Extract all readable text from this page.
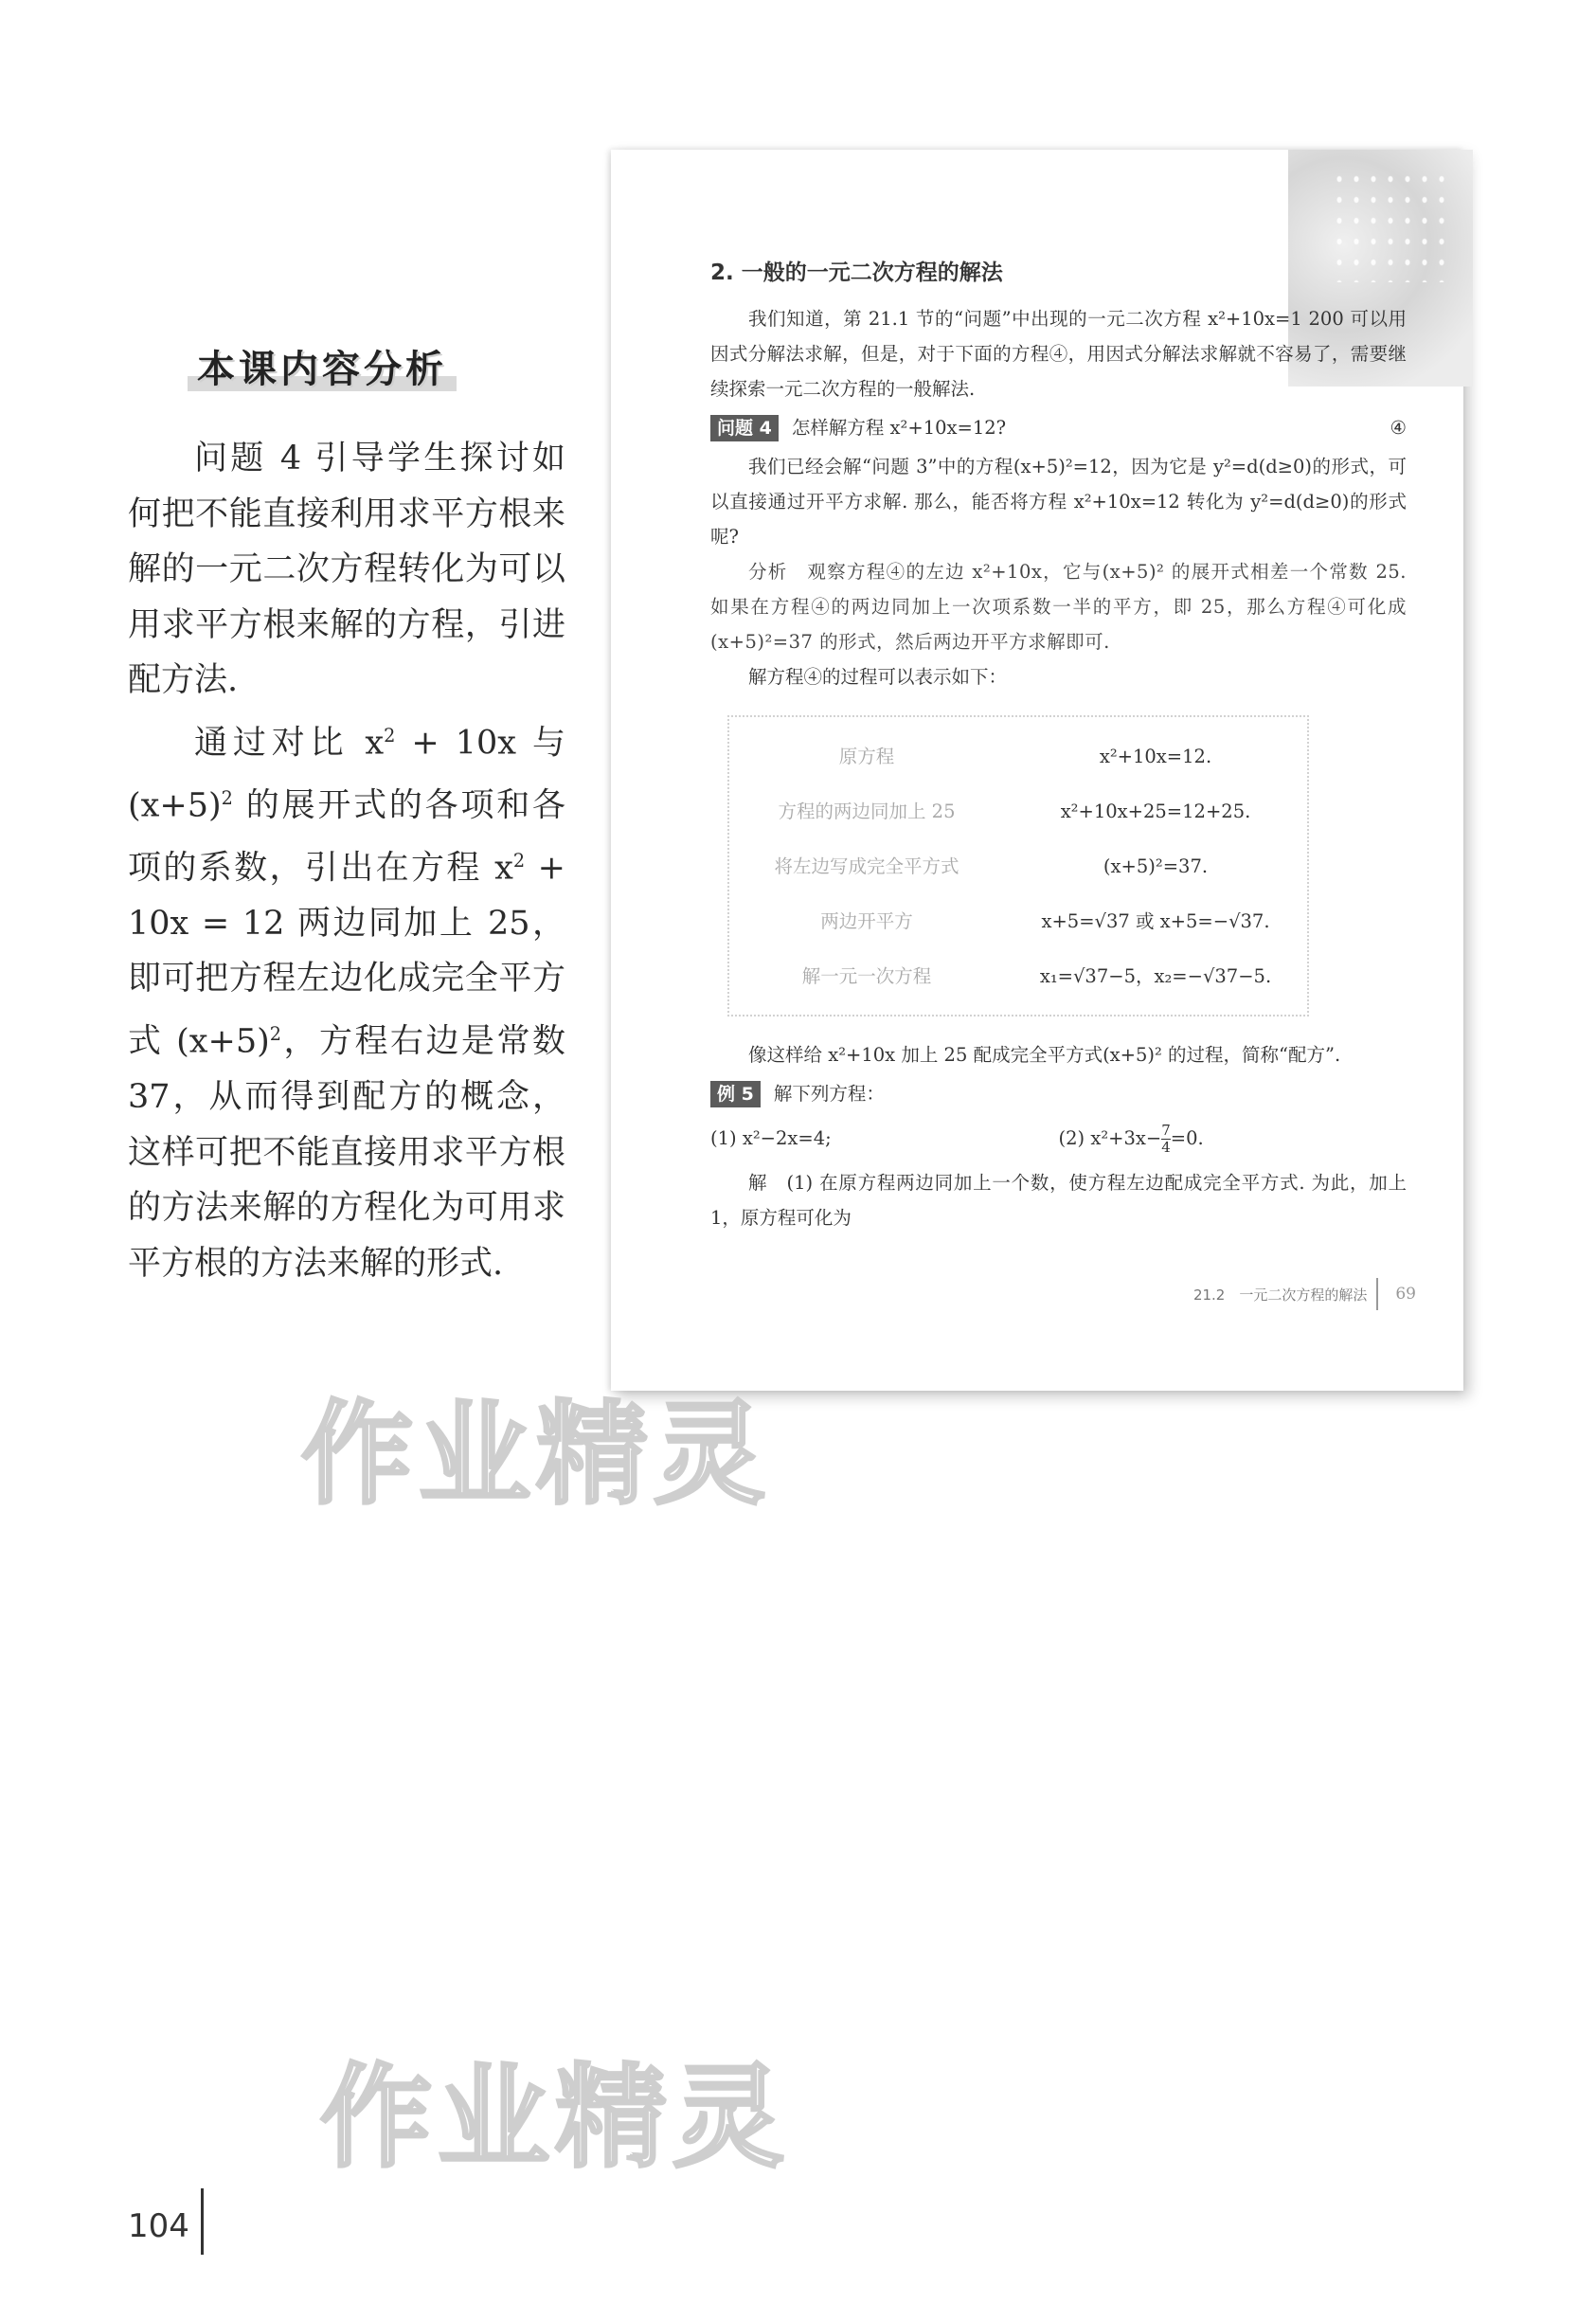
本课内容分析

问题 4 引导学生探讨如何把不能直接利用求平方根来解的一元二次方程转化为可以用求平方根来解的方程，引进配方法.

通过对比 $x^2 + 10x$ 与 $(x+5)^2$ 的展开式的各项和各项的系数，引出在方程 $x^2 + 10x = 12$ 两边同加上 25，即可把方程左边化成完全平方式 $(x+5)^2$，方程右边是常数 37，从而得到配方的概念，这样可把不能直接用求平方根的方法来解的方程化为可用求平方根的方法来解的形式.

2. 一般的一元二次方程的解法

我们知道，第 21.1 节的“问题”中出现的一元二次方程 x²+10x=1 200 可以用因式分解法求解，但是，对于下面的方程④，用因式分解法求解就不容易了，需要继续探索一元二次方程的一般解法.

问题 4 怎样解方程 x²+10x=12?	④

我们已经会解“问题 3”中的方程(x+5)²=12，因为它是 y²=d(d≥0)的形式，可以直接通过开平方求解. 那么，能否将方程 x²+10x=12 转化为 y²=d(d≥0)的形式呢?

分析　观察方程④的左边 x²+10x，它与(x+5)² 的展开式相差一个常数 25. 如果在方程④的两边同加上一次项系数一半的平方，即 25，那么方程④可化成(x+5)²=37 的形式，然后两边开平方求解即可.

解方程④的过程可以表示如下：

原方程	x²+10x=12.
方程的两边同加上 25	x²+10x+25=12+25.
将左边写成完全平方式	(x+5)²=37.
两边开平方	x+5=√37 或 x+5=−√37.
解一元一次方程	x₁=√37−5，x₂=−√37−5.

像这样给 x²+10x 加上 25 配成完全平方式(x+5)² 的过程，简称“配方”.

例 5 解下列方程：
(1) x²−2x=4;	(2) $x^2+3x- \frac{7}{4} =0$.

解　(1) 在原方程两边同加上一个数，使方程左边配成完全平方式. 为此，加上 1，原方程可化为

21.2　一元二次方程的解法 69
作业精灵
作业精灵
104
